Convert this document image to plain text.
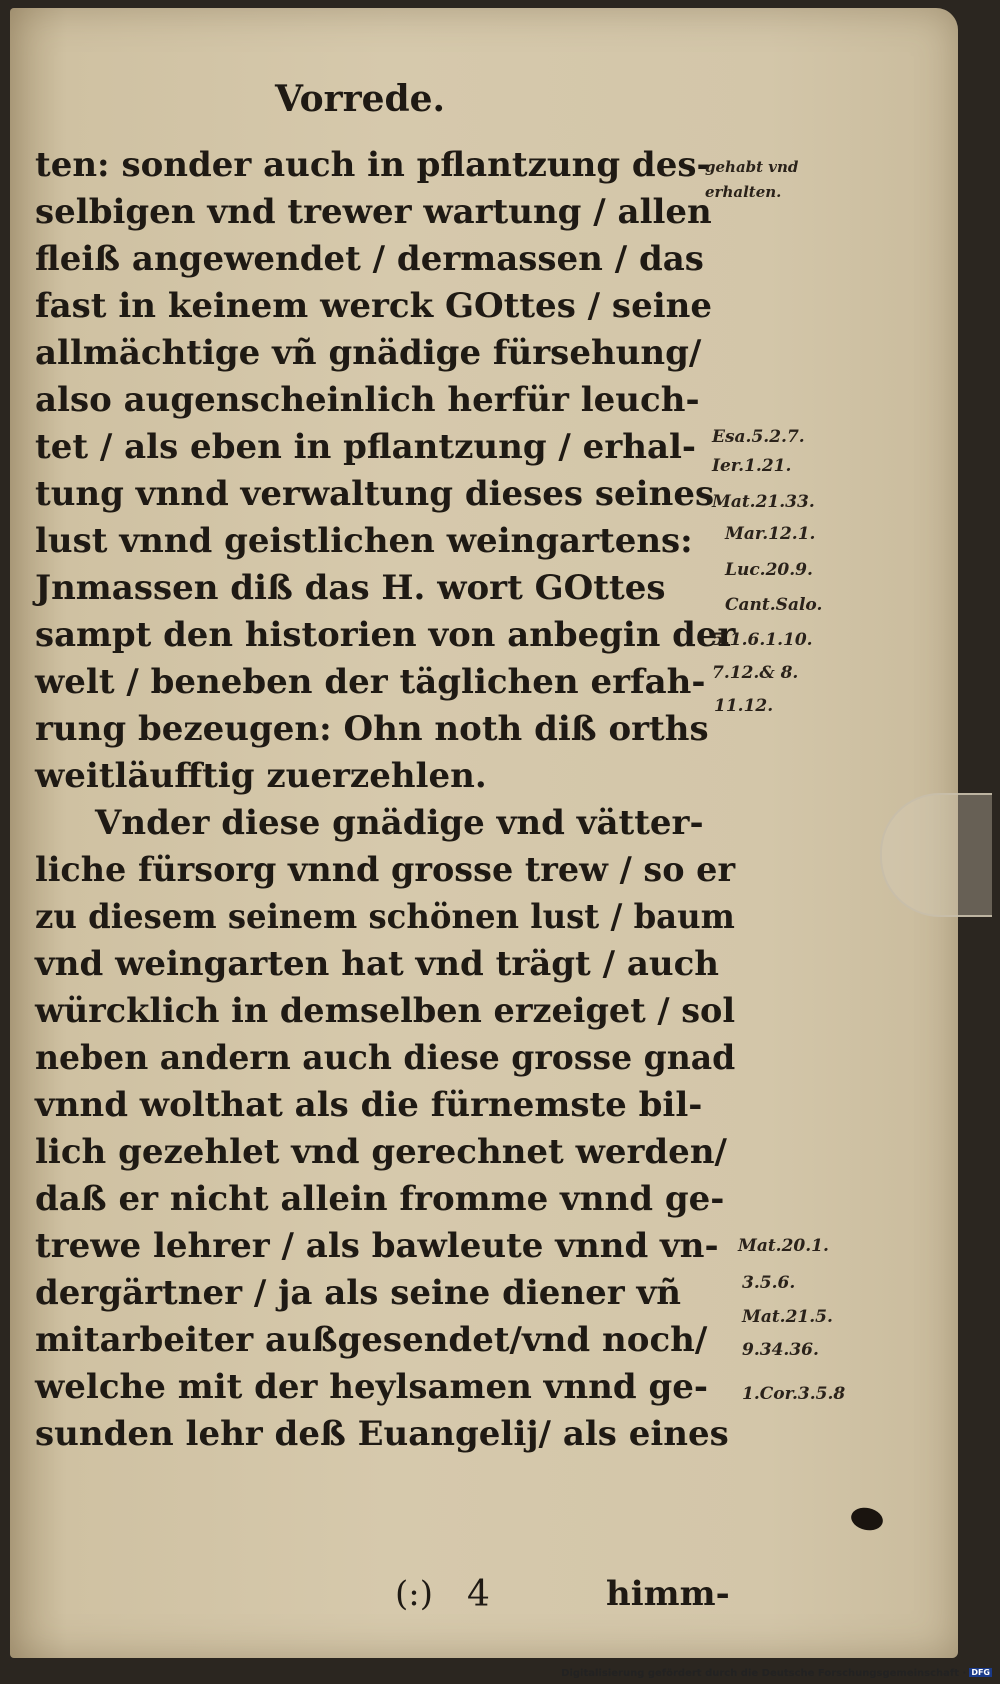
Vorrede.
ten: sonder auch in pflantzung des-
selbigen vnd trewer wartung / allen
fleiß angewendet / dermassen / das
fast in keinem werck GOttes / seine
allmächtige vñ gnädige fürsehung/
also augenscheinlich herfür leuch-
tet / als eben in pflantzung / erhal-
tung vnnd verwaltung dieses seines
lust vnnd geistlichen weingartens:
Jnmassen diß das H. wort GOttes
sampt den historien von anbegin der
welt / beneben der täglichen erfah-
rung bezeugen: Ohn noth diß orths
weitläufftig zuerzehlen.
Vnder diese gnädige vnd vätter-
liche fürsorg vnnd grosse trew / so er
zu diesem seinem schönen lust / baum
vnd weingarten hat vnd trägt / auch
würcklich in demselben erzeiget / sol
neben andern auch diese grosse gnad
vnnd wolthat als die fürnemste bil-
lich gezehlet vnd gerechnet werden/
daß er nicht allein fromme vnnd ge-
trewe lehrer / als bawleute vnnd vn-
dergärtner / ja als seine diener vñ
mitarbeiter außgesendet/vnd noch/
welche mit der heylsamen vnnd ge-
sunden lehr deß Euangelij/ als eines
gehabt vnd
erhalten.
Esa.5.2.7.
Ier.1.21.
Mat.21.33.
Mar.12.1.
Luc.20.9.
Cant.Salo.
5.1.6.1.10.
7.12.& 8.
11.12.
Mat.20.1.
3.5.6.
Mat.21.5.
9.34.36.
1.Cor.3.5.8
(:) 4	himm-
Digitalisierung gefördert durch die Deutsche Forschungsgemeinschaft · DFG
